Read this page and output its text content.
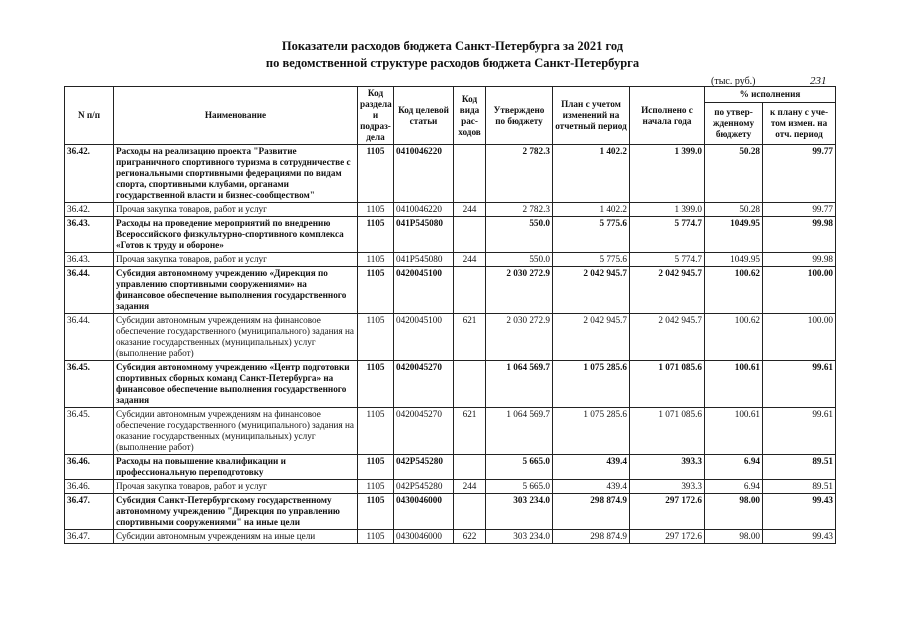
Показатели расходов бюджета Санкт-Петербурга за 2021 год
по ведомственной структуре расходов бюджета Санкт-Петербурга
(тыс. руб.)	231
N п/п	Наименование	Код раздела и подраз-дела	Код целевой статьи	Код вида рас-ходов	Утверждено по бюджету	План с учетом изменений на отчетный период	Исполнено с начала года	% исполнения	
								по утвер-жденному бюджету	к плану с уче-том измен. на отч. период
36.42.	Расходы на реализацию проекта "Развитие приграничного спортивного туризма в сотрудничестве с региональными спортивными федерациями по видам спорта, спортивными клубами, органами государственной власти и бизнес-сообществом"	1105	0410046220		2 782.3	1 402.2	1 399.0	50.28	99.77
36.42.	Прочая закупка товаров, работ и услуг	1105	0410046220	244	2 782.3	1 402.2	1 399.0	50.28	99.77
36.43.	Расходы на проведение мероприятий по внедрению Всероссийского физкультурно-спортивного комплекса «Готов к труду и обороне»	1105	041P545080		550.0	5 775.6	5 774.7	1049.95	99.98
36.43.	Прочая закупка товаров, работ и услуг	1105	041P545080	244	550.0	5 775.6	5 774.7	1049.95	99.98
36.44.	Субсидия автономному учреждению «Дирекция по управлению спортивными сооружениями» на финансовое обеспечение выполнения государственного задания	1105	0420045100		2 030 272.9	2 042 945.7	2 042 945.7	100.62	100.00
36.44.	Субсидии автономным учреждениям на финансовое обеспечение государственного (муниципального) задания на оказание государственных (муниципальных) услуг (выполнение работ)	1105	0420045100	621	2 030 272.9	2 042 945.7	2 042 945.7	100.62	100.00
36.45.	Субсидия автономному учреждению «Центр подготовки спортивных сборных команд Санкт-Петербурга» на финансовое обеспечение выполнения государственного задания	1105	0420045270		1 064 569.7	1 075 285.6	1 071 085.6	100.61	99.61
36.45.	Субсидии автономным учреждениям на финансовое обеспечение государственного (муниципального) задания на оказание государственных (муниципальных) услуг (выполнение работ)	1105	0420045270	621	1 064 569.7	1 075 285.6	1 071 085.6	100.61	99.61
36.46.	Расходы на повышение квалификации и профессиональную переподготовку	1105	042P545280		5 665.0	439.4	393.3	6.94	89.51
36.46.	Прочая закупка товаров, работ и услуг	1105	042P545280	244	5 665.0	439.4	393.3	6.94	89.51
36.47.	Субсидия Санкт-Петербургскому государственному автономному учреждению "Дирекция по управлению спортивными сооружениями" на иные цели	1105	0430046000		303 234.0	298 874.9	297 172.6	98.00	99.43
36.47.	Субсидии автономным учреждениям на иные цели	1105	0430046000	622	303 234.0	298 874.9	297 172.6	98.00	99.43
